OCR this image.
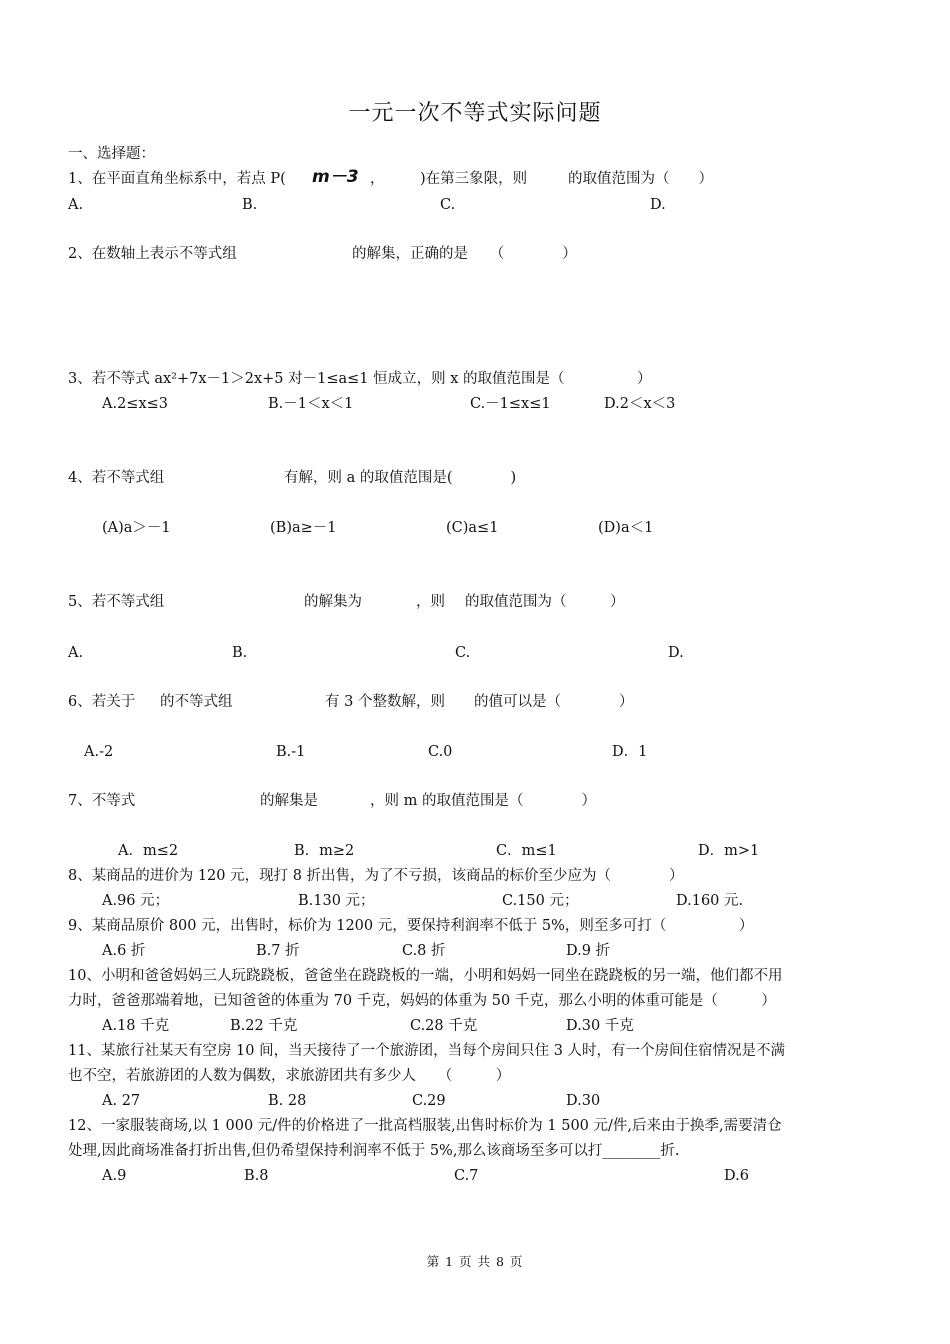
一元一次不等式实际问题
一、选择题：
1、在平面直角坐标系中，若点 P( m－3 ， )在第三象限，则	的取值范围为（　　）
A.	B.	C.	D.
2、在数轴上表示不等式组	的解集，正确的是　　（　　　　）
3、若不等式 ax²+7x－1＞2x+5 对－1≤a≤1 恒成立，则 x 的取值范围是（　　　　　）
A.2≤x≤3	B.－1＜x＜1	C.－1≤x≤1	D.2＜x＜3
4、若不等式组	有解，则 a 的取值范围是(　　　　)
(A)a＞－1	(B)a≥－1	(C)a≤1	(D)a＜1
5、若不等式组	的解集为	，则 的取值范围为（　　　）
A.	B.	C.	D.
6、若关于 的不等式组	有 3 个整数解，则 的值可以是（　　　　）
A.-2	B.-1	C.0	D．1
7、不等式	的解集是	，则 m 的取值范围是（　　　　）
A．m≤2	B．m≥2	C．m≤1	D．m>1
8、某商品的进价为 120 元，现打 8 折出售，为了不亏损，该商品的标价至少应为（　　　　）
A.96 元；	B.130 元；	C.150 元；	D.160 元.
9、某商品原价 800 元，出售时，标价为 1200 元，要保持利润率不低于 5%，则至多可打（　　　　　）
A.6 折	B.7 折	C.8 折	D.9 折
10、小明和爸爸妈妈三人玩跷跷板，爸爸坐在跷跷板的一端，小明和妈妈一同坐在跷跷板的另一端，他们都不用
力时，爸爸那端着地，已知爸爸的体重为 70 千克，妈妈的体重为 50 千克，那么小明的体重可能是（　　　）
A.18 千克	B.22 千克	C.28 千克	D.30 千克
11、某旅行社某天有空房 10 间，当天接待了一个旅游团，当每个房间只住 3 人时，有一个房间住宿情况是不满
也不空，若旅游团的人数为偶数，求旅游团共有多少人　　（　　　）
A. 27	B. 28	C.29	D.30
12、一家服装商场,以 1 000 元/件的价格进了一批高档服装,出售时标价为 1 500 元/件,后来由于换季,需要清仓
处理,因此商场准备打折出售,但仍希望保持利润率不低于 5%,那么该商场至多可以打________折.
A.9	B.8	C.7	D.6
第 1 页 共 8 页
